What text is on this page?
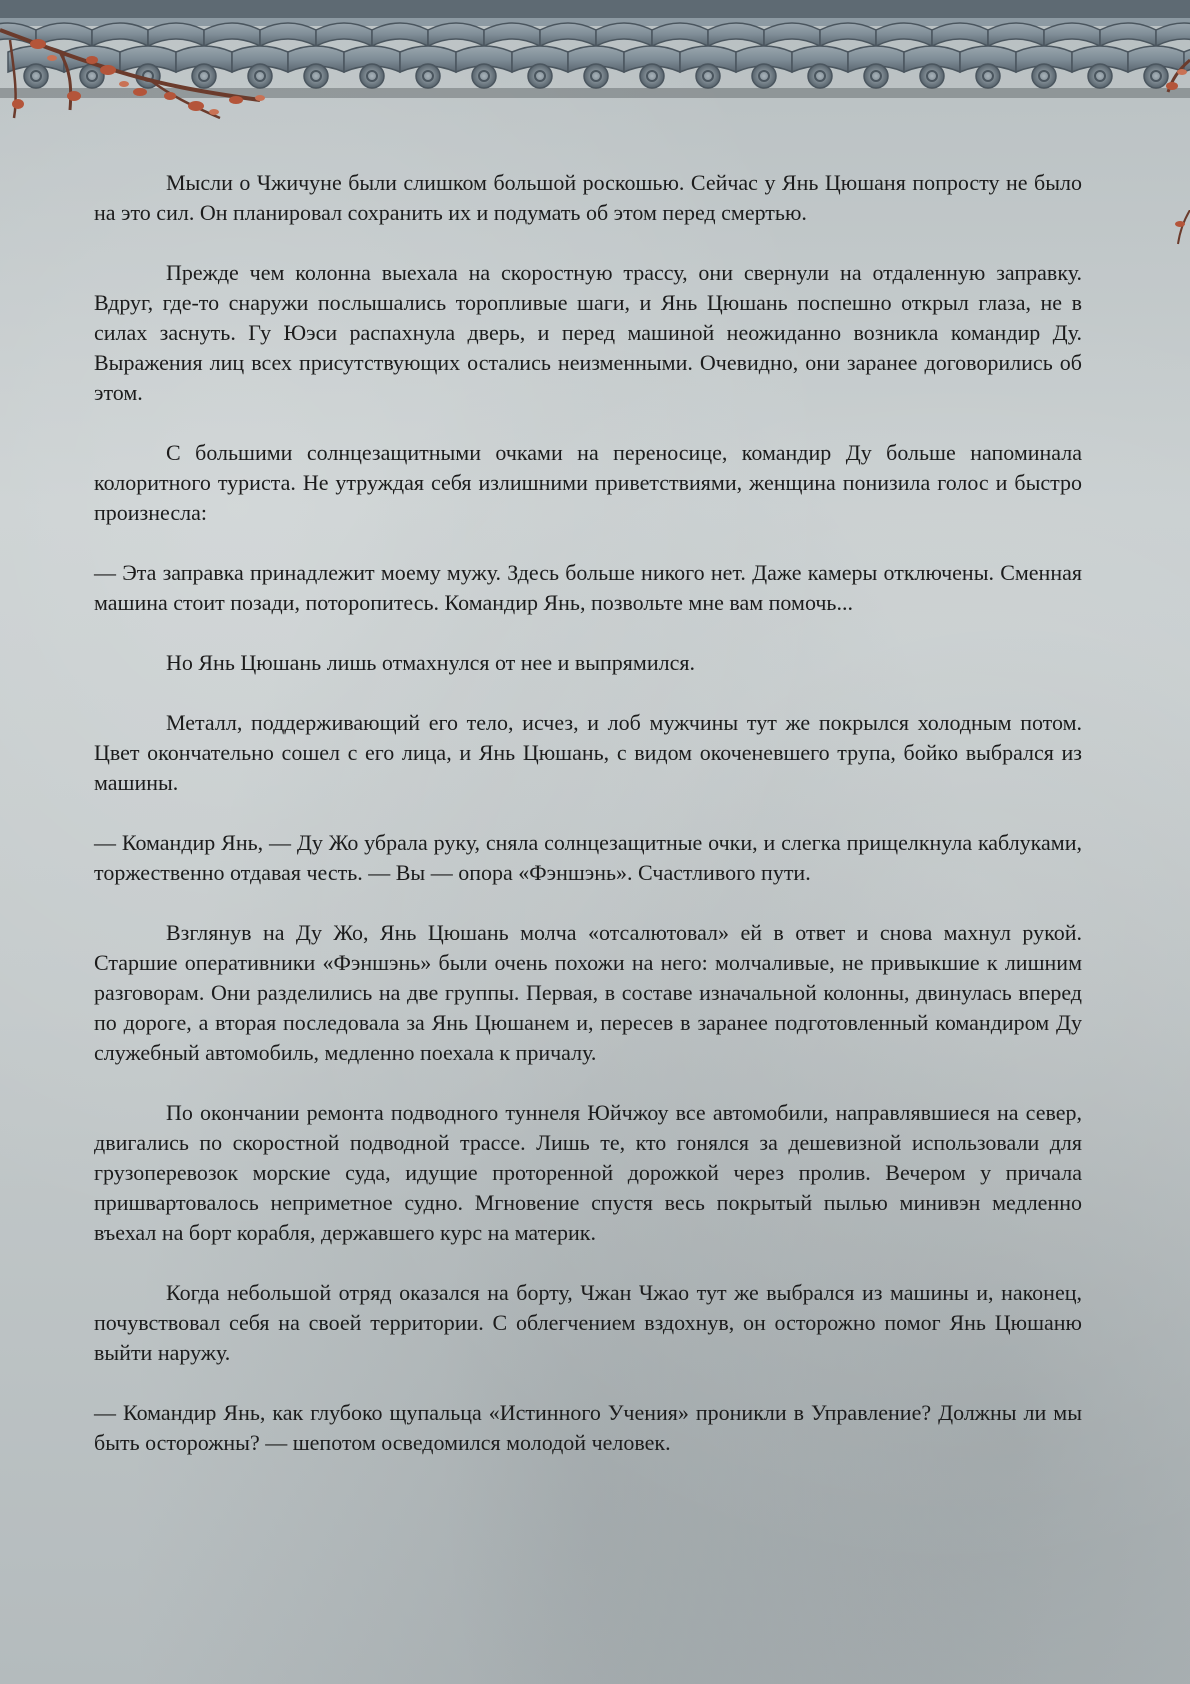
Мысли о Чжичуне были слишком большой роскошью. Сейчас у Янь Цюшаня попросту не было на это сил. Он планировал сохранить их и подумать об этом перед смертью.

Прежде чем колонна выехала на скоростную трассу, они свернули на отдаленную заправку. Вдруг, где-то снаружи послышались торопливые шаги, и Янь Цюшань поспешно открыл глаза, не в силах заснуть. Гу Юэси распахнула дверь, и перед машиной неожиданно возникла командир Ду. Выражения лиц всех присутствующих остались неизменными. Очевидно, они заранее договорились об этом.

С большими солнцезащитными очками на переносице, командир Ду больше напоминала колоритного туриста. Не утруждая себя излишними приветствиями, женщина понизила голос и быстро произнесла:

— Эта заправка принадлежит моему мужу. Здесь больше никого нет. Даже камеры отключены. Сменная машина стоит позади, поторопитесь. Командир Янь, позвольте мне вам помочь...

Но Янь Цюшань лишь отмахнулся от нее и выпрямился.

Металл, поддерживающий его тело, исчез, и лоб мужчины тут же покрылся холодным потом. Цвет окончательно сошел с его лица, и Янь Цюшань, с видом окоченевшего трупа, бойко выбрался из машины.

— Командир Янь, — Ду Жо убрала руку, сняла солнцезащитные очки, и слегка прищелкнула каблуками, торжественно отдавая честь. — Вы — опора «Фэншэнь». Счастливого пути.

Взглянув на Ду Жо, Янь Цюшань молча «отсалютовал» ей в ответ и снова махнул рукой. Старшие оперативники «Фэншэнь» были очень похожи на него: молчаливые, не привыкшие к лишним разговорам. Они разделились на две группы. Первая, в составе изначальной колонны, двинулась вперед по дороге, а вторая последовала за Янь Цюшанем и, пересев в заранее подготовленный командиром Ду служебный автомобиль, медленно поехала к причалу.

По окончании ремонта подводного туннеля Юйчжоу все автомобили, направлявшиеся на север, двигались по скоростной подводной трассе. Лишь те, кто гонялся за дешевизной использовали для грузоперевозок морские суда, идущие проторенной дорожкой через пролив. Вечером у причала пришвартовалось неприметное судно. Мгновение спустя весь покрытый пылью минивэн медленно въехал на борт корабля, державшего курс на материк.

Когда небольшой отряд оказался на борту, Чжан Чжао тут же выбрался из машины и, наконец, почувствовал себя на своей территории. С облегчением вздохнув, он осторожно помог Янь Цюшаню выйти наружу.

— Командир Янь, как глубоко щупальца «Истинного Учения» проникли в Управление? Должны ли мы быть осторожны? — шепотом осведомился молодой человек.
